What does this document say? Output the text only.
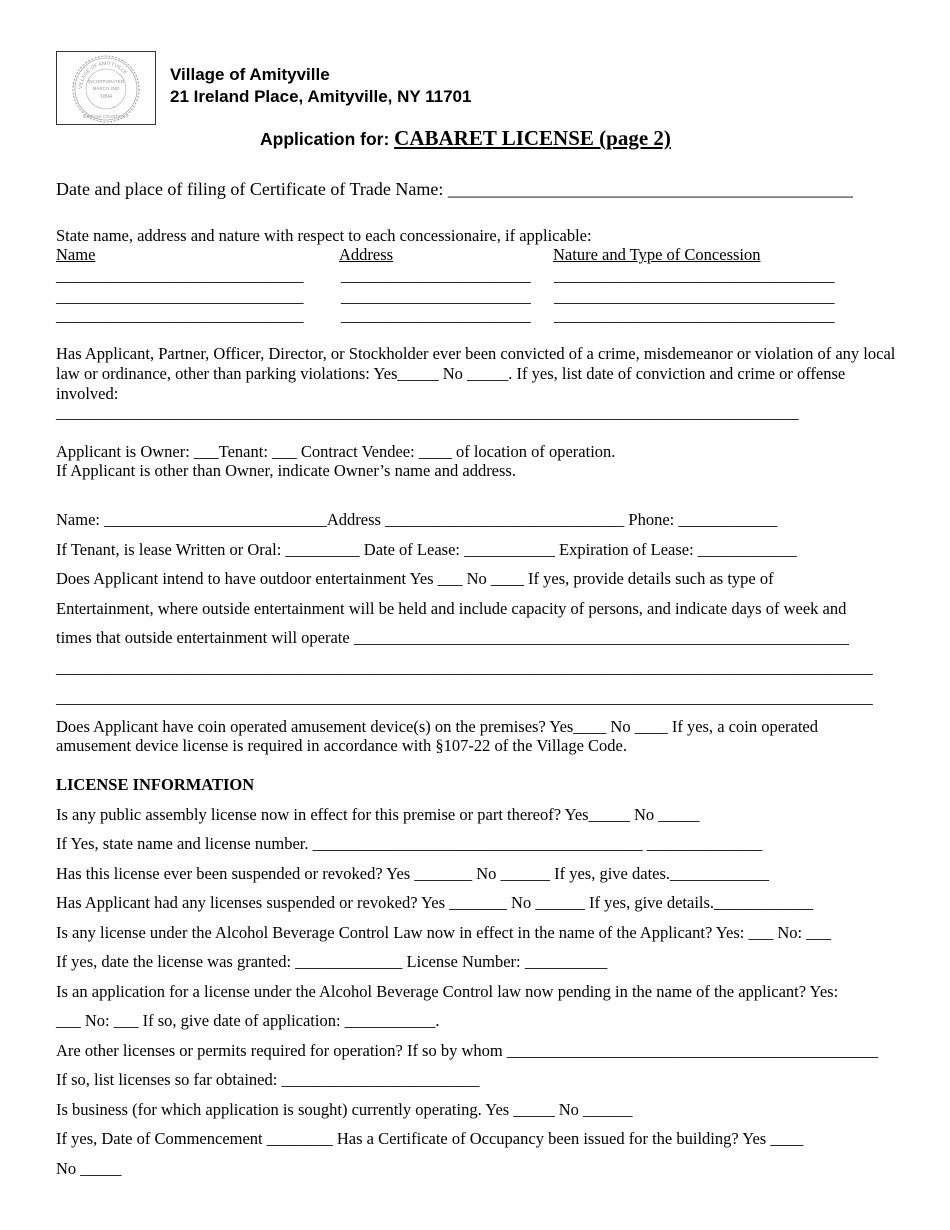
VILLAGE OF AMITYVILLE
INCORPORATED
MARCH 2ND
1894
SUFFOLK COUNTY N.Y.
Village of Amityville
21 Ireland Place, Amityville, NY 11701
Application for: CABARET LICENSE (page 2)
Date and place of filing of Certificate of Trade Name: _____________________________________________
State name, address and nature with respect to each concessionaire, if applicable:
Name	Address	Nature and Type of Concession
______________________________ _______________________ __________________________________
______________________________ _______________________ __________________________________
______________________________ _______________________ __________________________________
Has Applicant, Partner, Officer, Director, or Stockholder ever been convicted of a crime, misdemeanor or violation of any local law or ordinance, other than parking violations: Yes_____ No _____. If yes, list date of conviction and crime or offense involved:
__________________________________________________________________________________________
Applicant is Owner: ___Tenant: ___ Contract Vendee: ____ of location of operation.
If Applicant is other than Owner, indicate Owner’s name and address.
Name: ___________________________Address _____________________________ Phone: ____________
If Tenant, is lease Written or Oral: _________ Date of Lease: ___________ Expiration of Lease: ____________
Does Applicant intend to have outdoor entertainment Yes ___ No ____ If yes, provide details such as type of
Entertainment, where outside entertainment will be held and include capacity of persons, and indicate days of week and
times that outside entertainment will operate ____________________________________________________________
___________________________________________________________________________________________________
___________________________________________________________________________________________________
Does Applicant have coin operated amusement device(s) on the premises? Yes____ No ____ If yes, a coin operated
amusement device license is required in accordance with §107-22 of the Village Code.
LICENSE INFORMATION
Is any public assembly license now in effect for this premise or part thereof? Yes_____ No _____
If Yes, state name and license number. ________________________________________ ______________
Has this license ever been suspended or revoked? Yes _______ No ______ If yes, give dates.____________
Has Applicant had any licenses suspended or revoked? Yes _______ No ______ If yes, give details.____________
Is any license under the Alcohol Beverage Control Law now in effect in the name of the Applicant? Yes: ___ No: ___
If yes, date the license was granted: _____________ License Number: __________
Is an application for a license under the Alcohol Beverage Control law now pending in the name of the applicant? Yes:
___ No: ___ If so, give date of application: ___________.
Are other licenses or permits required for operation? If so by whom _____________________________________________
If so, list licenses so far obtained: ________________________
Is business (for which application is sought) currently operating. Yes _____ No ______
If yes, Date of Commencement ________ Has a Certificate of Occupancy been issued for the building? Yes ____
No _____
